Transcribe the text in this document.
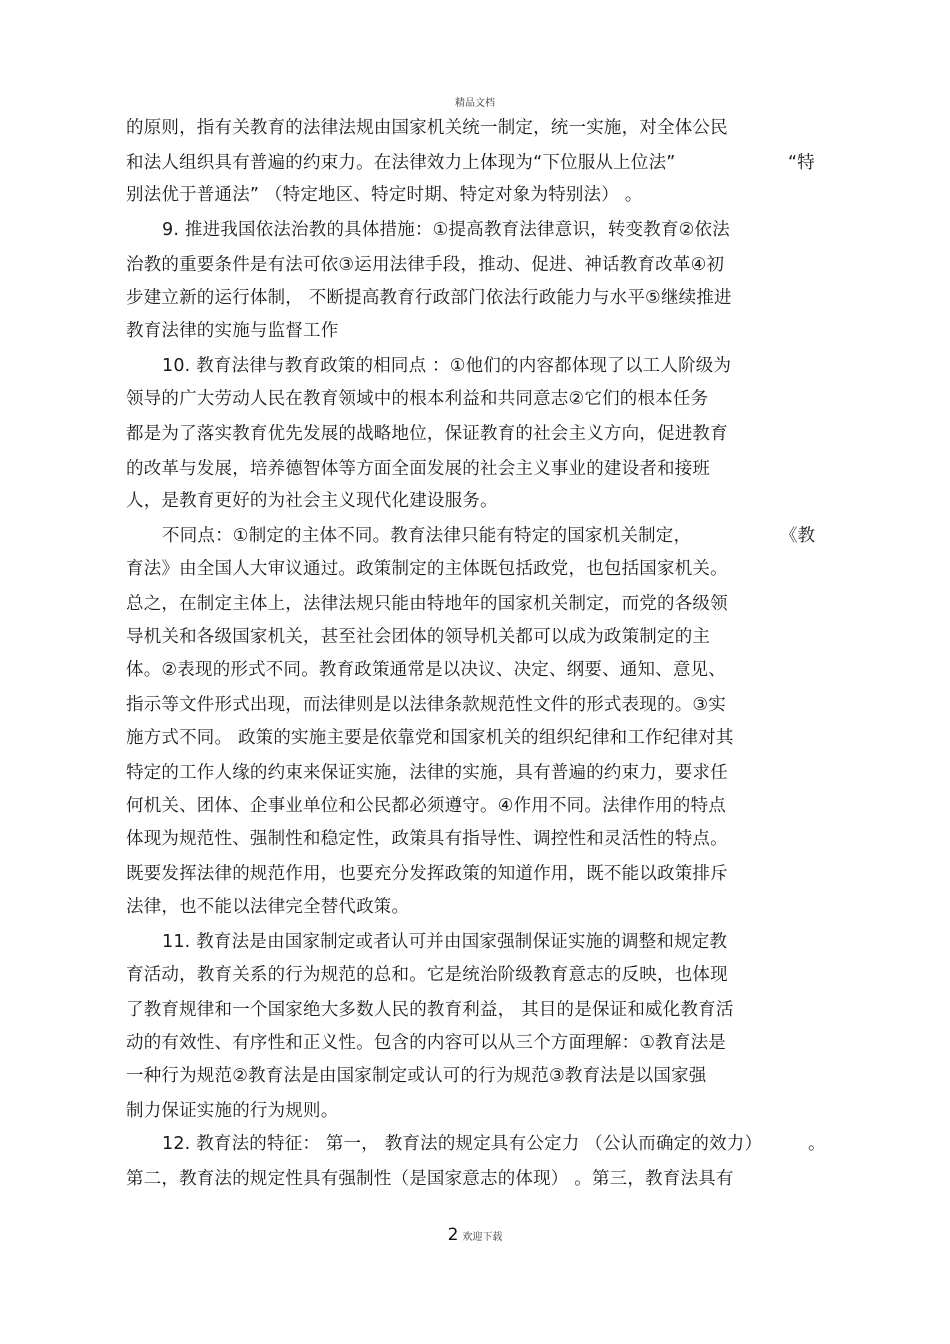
精品文档
的原则，指有关教育的法律法规由国家机关统一制定，统一实施，对全体公民
和法人组织具有普遍的约束力。在法律效力上体现为“下位服从上位法”	“特
别法优于普通法” （特定地区、特定时期、特定对象为特别法） 。
9. 推进我国依法治教的具体措施：①提高教育法律意识，转变教育②依法
治教的重要条件是有法可依③运用法律手段，推动、促进、神话教育改革④初
步建立新的运行体制， 不断提高教育行政部门依法行政能力与水平⑤继续推进
教育法律的实施与监督工作
10. 教育法律与教育政策的相同点 ：①他们的内容都体现了以工人阶级为
领导的广大劳动人民在教育领域中的根本利益和共同意志②它们的根本任务
都是为了落实教育优先发展的战略地位，保证教育的社会主义方向，促进教育
的改革与发展，培养德智体等方面全面发展的社会主义事业的建设者和接班
人，是教育更好的为社会主义现代化建设服务。
不同点：①制定的主体不同。教育法律只能有特定的国家机关制定，	《教
育法》由全国人大审议通过。政策制定的主体既包括政党，也包括国家机关。
总之，在制定主体上，法律法规只能由特地年的国家机关制定，而党的各级领
导机关和各级国家机关，甚至社会团体的领导机关都可以成为政策制定的主
体。②表现的形式不同。教育政策通常是以决议、决定、纲要、通知、意见、
指示等文件形式出现，而法律则是以法律条款规范性文件的形式表现的。③实
施方式不同。 政策的实施主要是依靠党和国家机关的组织纪律和工作纪律对其
特定的工作人缘的约束来保证实施，法律的实施，具有普遍的约束力，要求任
何机关、团体、企事业单位和公民都必须遵守。④作用不同。法律作用的特点
体现为规范性、强制性和稳定性，政策具有指导性、调控性和灵活性的特点。
既要发挥法律的规范作用，也要充分发挥政策的知道作用，既不能以政策排斥
法律，也不能以法律完全替代政策。
11. 教育法是由国家制定或者认可并由国家强制保证实施的调整和规定教
育活动，教育关系的行为规范的总和。它是统治阶级教育意志的反映，也体现
了教育规律和一个国家绝大多数人民的教育利益， 其目的是保证和威化教育活
动的有效性、有序性和正义性。包含的内容可以从三个方面理解：①教育法是
一种行为规范②教育法是由国家制定或认可的行为规范③教育法是以国家强
制力保证实施的行为规则。
12. 教育法的特征： 第一， 教育法的规定具有公定力 （公认而确定的效力）	。
第二，教育法的规定性具有强制性（是国家意志的体现） 。第三，教育法具有
2 欢迎下载
